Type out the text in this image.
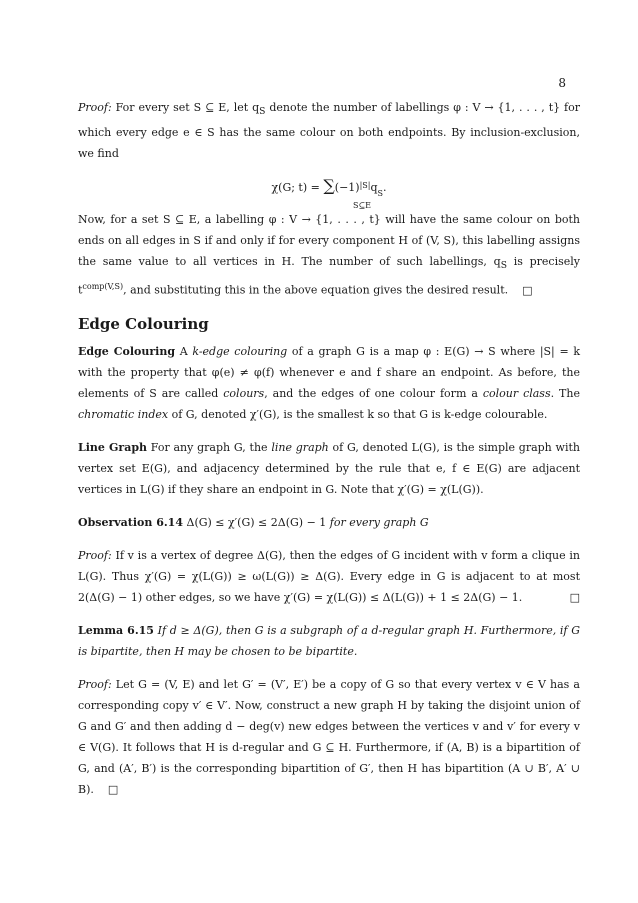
8

Proof: For every set S ⊆ E, let $q_S$ denote the number of labellings φ : V → {1, . . . , t} for which every edge e ∈ S has the same colour on both endpoints. By inclusion-exclusion, we find

χ(G; $t) = \sum(-1)^{|S|}q_S$.
S⊆E

Now, for a set S ⊆ E, a labelling φ : V → {1, . . . , t} will have the same colour on both ends on all edges in S if and only if for every component H of (V, S), this labelling assigns the same value to all vertices in H. The number of such labellings, $q_S$ is precisely $t^{comp(V,S)}$, and substituting this in the above equation gives the desired result. □

Edge Colouring

Edge Colouring A k-edge colouring of a graph G is a map φ : E(G) → S where |S| = k with the property that φ(e) ≠ φ(f) whenever e and f share an endpoint. As before, the elements of S are called colours, and the edges of one colour form a colour class. The chromatic index of G, denoted χ′(G), is the smallest k so that G is k-edge colourable.

Line Graph For any graph G, the line graph of G, denoted L(G), is the simple graph with vertex set E(G), and adjacency determined by the rule that e, f ∈ E(G) are adjacent vertices in L(G) if they share an endpoint in G. Note that χ′(G) = χ(L(G)).

Observation 6.14 Δ(G) ≤ χ′(G) ≤ 2Δ(G) − 1 for every graph G

Proof: If v is a vertex of degree Δ(G), then the edges of G incident with v form a clique in L(G). Thus χ′(G) = χ(L(G)) ≥ ω(L(G)) ≥ Δ(G). Every edge in G is adjacent to at most 2(Δ(G) − 1) other edges, so we have χ′(G) = χ(L(G)) ≤ Δ(L(G)) + 1 ≤ 2Δ(G) − 1.	□

Lemma 6.15 If d ≥ Δ(G), then G is a subgraph of a d-regular graph H. Furthermore, if G is bipartite, then H may be chosen to be bipartite.

Proof: Let G = (V, E) and let G′ = (V′, E′) be a copy of G so that every vertex v ∈ V has a corresponding copy v′ ∈ V′. Now, construct a new graph H by taking the disjoint union of G and G′ and then adding d − deg(v) new edges between the vertices v and v′ for every v ∈ V(G). It follows that H is d-regular and G ⊆ H. Furthermore, if (A, B) is a bipartition of G, and (A′, B′) is the corresponding bipartition of G′, then H has bipartition (A ∪ B′, A′ ∪ B). □
